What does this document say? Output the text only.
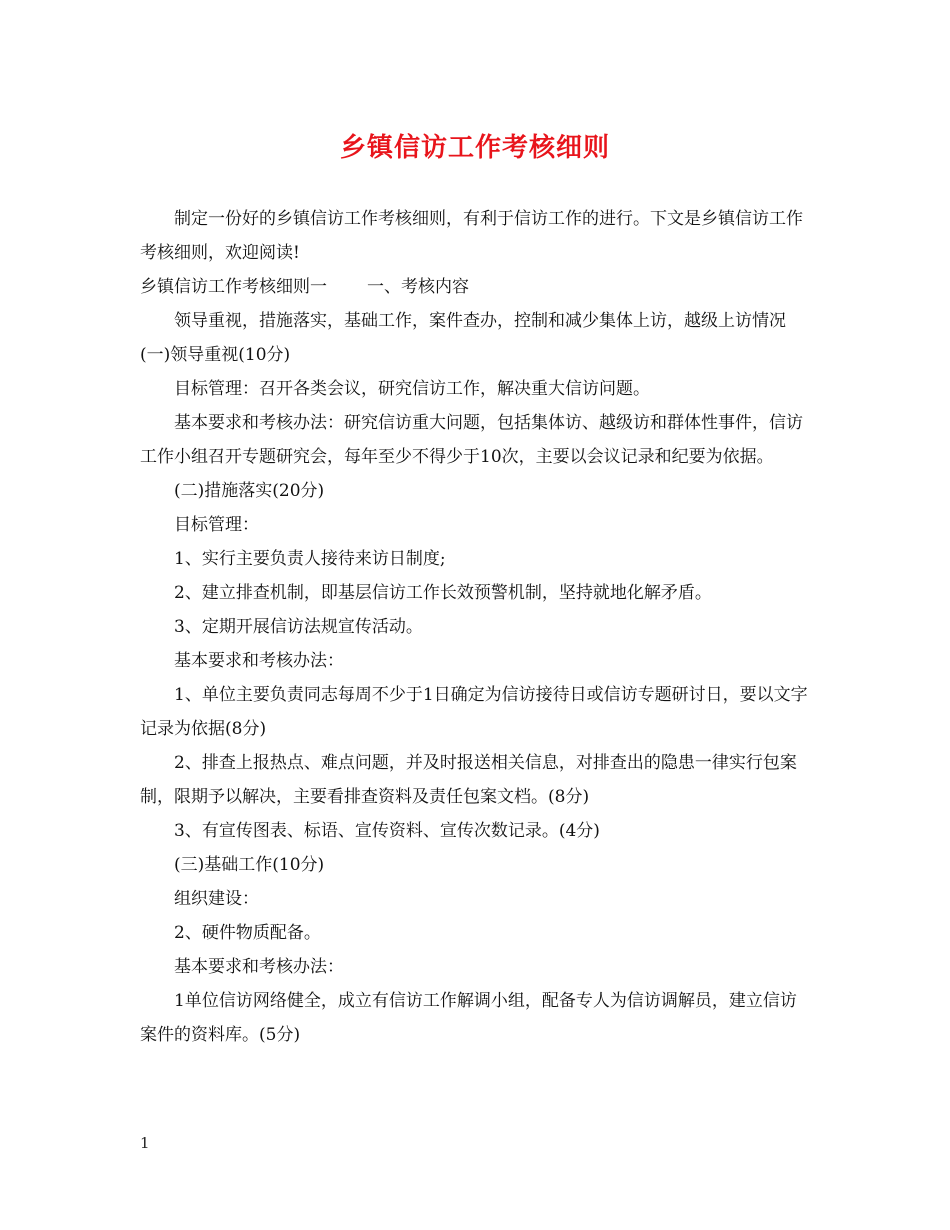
乡镇信访工作考核细则

制定一份好的乡镇信访工作考核细则，有利于信访工作的进行。下文是乡镇信访工作考核细则，欢迎阅读!

乡镇信访工作考核细则一 一、考核内容

领导重视，措施落实，基础工作，案件查办，控制和减少集体上访，越级上访情况(一)领导重视(10分)

目标管理：召开各类会议，研究信访工作，解决重大信访问题。

基本要求和考核办法：研究信访重大问题，包括集体访、越级访和群体性事件，信访工作小组召开专题研究会，每年至少不得少于10次，主要以会议记录和纪要为依据。

(二)措施落实(20分)

目标管理：

1、实行主要负责人接待来访日制度;

2、建立排查机制，即基层信访工作长效预警机制，坚持就地化解矛盾。

3、定期开展信访法规宣传活动。

基本要求和考核办法：

1、单位主要负责同志每周不少于1日确定为信访接待日或信访专题研讨日，要以文字记录为依据(8分)

2、排查上报热点、难点问题，并及时报送相关信息，对排查出的隐患一律实行包案制，限期予以解决，主要看排查资料及责任包案文档。(8分)

3、有宣传图表、标语、宣传资料、宣传次数记录。(4分)

(三)基础工作(10分)

组织建设：

2、硬件物质配备。

基本要求和考核办法：

1单位信访网络健全，成立有信访工作解调小组，配备专人为信访调解员，建立信访案件的资料库。(5分)

1
